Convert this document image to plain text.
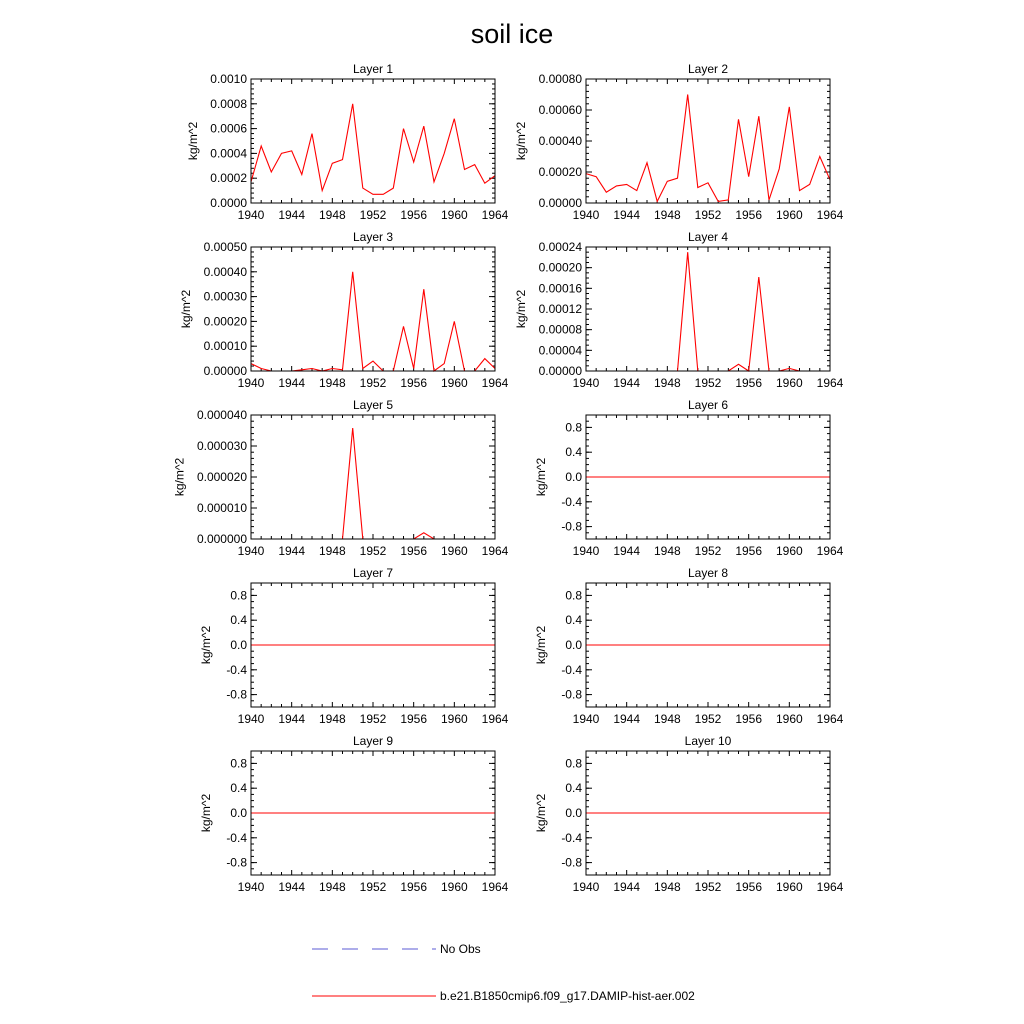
soil ice
Layer 1
1940 1944 1948 1952 1956 1960 1964
0.0000
0.0002
0.0004
0.0006
0.0008
0.0010
kg/m^2
Layer 2
1940 1944 1948 1952 1956 1960 1964
0.00000
0.00020
0.00040
0.00060
0.00080
kg/m^2
Layer 3
1940 1944 1948 1952 1956 1960 1964
0.00000
0.00010
0.00020
0.00030
0.00040
0.00050
kg/m^2
Layer 4
1940 1944 1948 1952 1956 1960 1964
0.00000
0.00004
0.00008
0.00012
0.00016
0.00020
0.00024
kg/m^2
Layer 5
1940 1944 1948 1952 1956 1960 1964
0.000000
0.000010
0.000020
0.000030
0.000040
kg/m^2
Layer 6
1940 1944 1948 1952 1956 1960 1964
-0.8
-0.4
0.0
0.4
0.8
kg/m^2
Layer 7
1940 1944 1948 1952 1956 1960 1964
-0.8
-0.4
0.0
0.4
0.8
kg/m^2
Layer 8
1940 1944 1948 1952 1956 1960 1964
-0.8
-0.4
0.0
0.4
0.8
kg/m^2
Layer 9
1940 1944 1948 1952 1956 1960 1964
-0.8
-0.4
0.0
0.4
0.8
kg/m^2
Layer 10
1940 1944 1948 1952 1956 1960 1964
-0.8
-0.4
0.0
0.4
0.8
kg/m^2
No Obs
b.e21.B1850cmip6.f09_g17.DAMIP-hist-aer.002
